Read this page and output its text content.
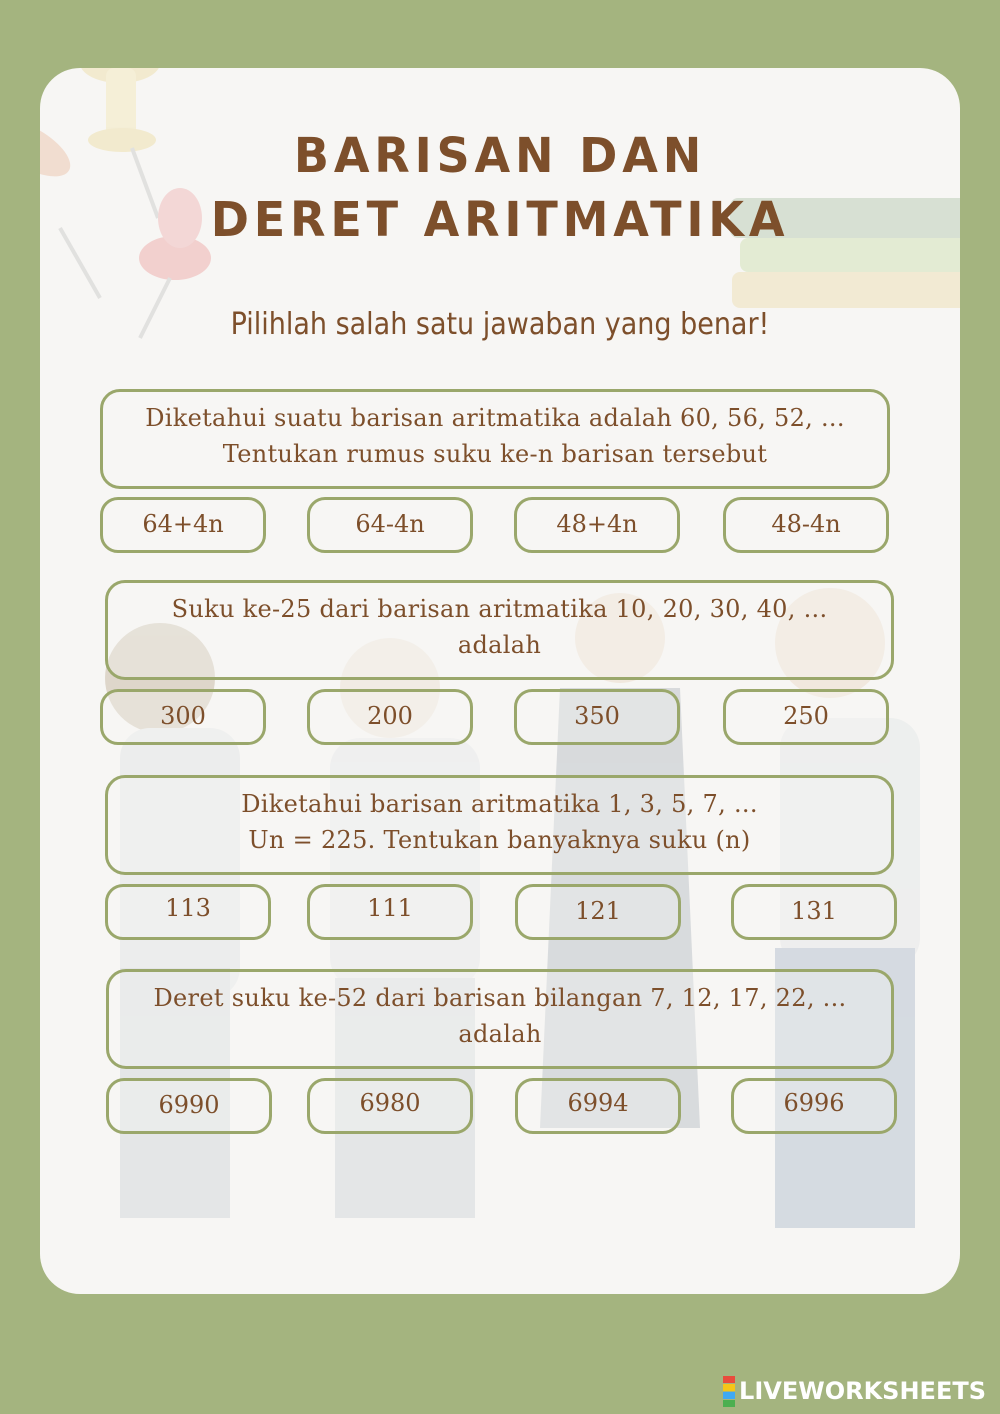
BARISAN DAN
DERET ARITMATIKA
Pilihlah salah satu jawaban yang benar!
Diketahui suatu barisan aritmatika adalah 60, 56, 52, ...
Tentukan rumus suku ke-n barisan tersebut
64+4n	64-4n	48+4n	48-4n
Suku ke-25 dari barisan aritmatika 10, 20, 30, 40, ...
adalah
300	200	350	250
Diketahui barisan aritmatika 1, 3, 5, 7, ...
Un = 225. Tentukan banyaknya suku (n)
113	111	121	131
Deret suku ke-52 dari barisan bilangan 7, 12, 17, 22, ...
adalah
6990	6980	6994	6996
LIVEWORKSHEETS
